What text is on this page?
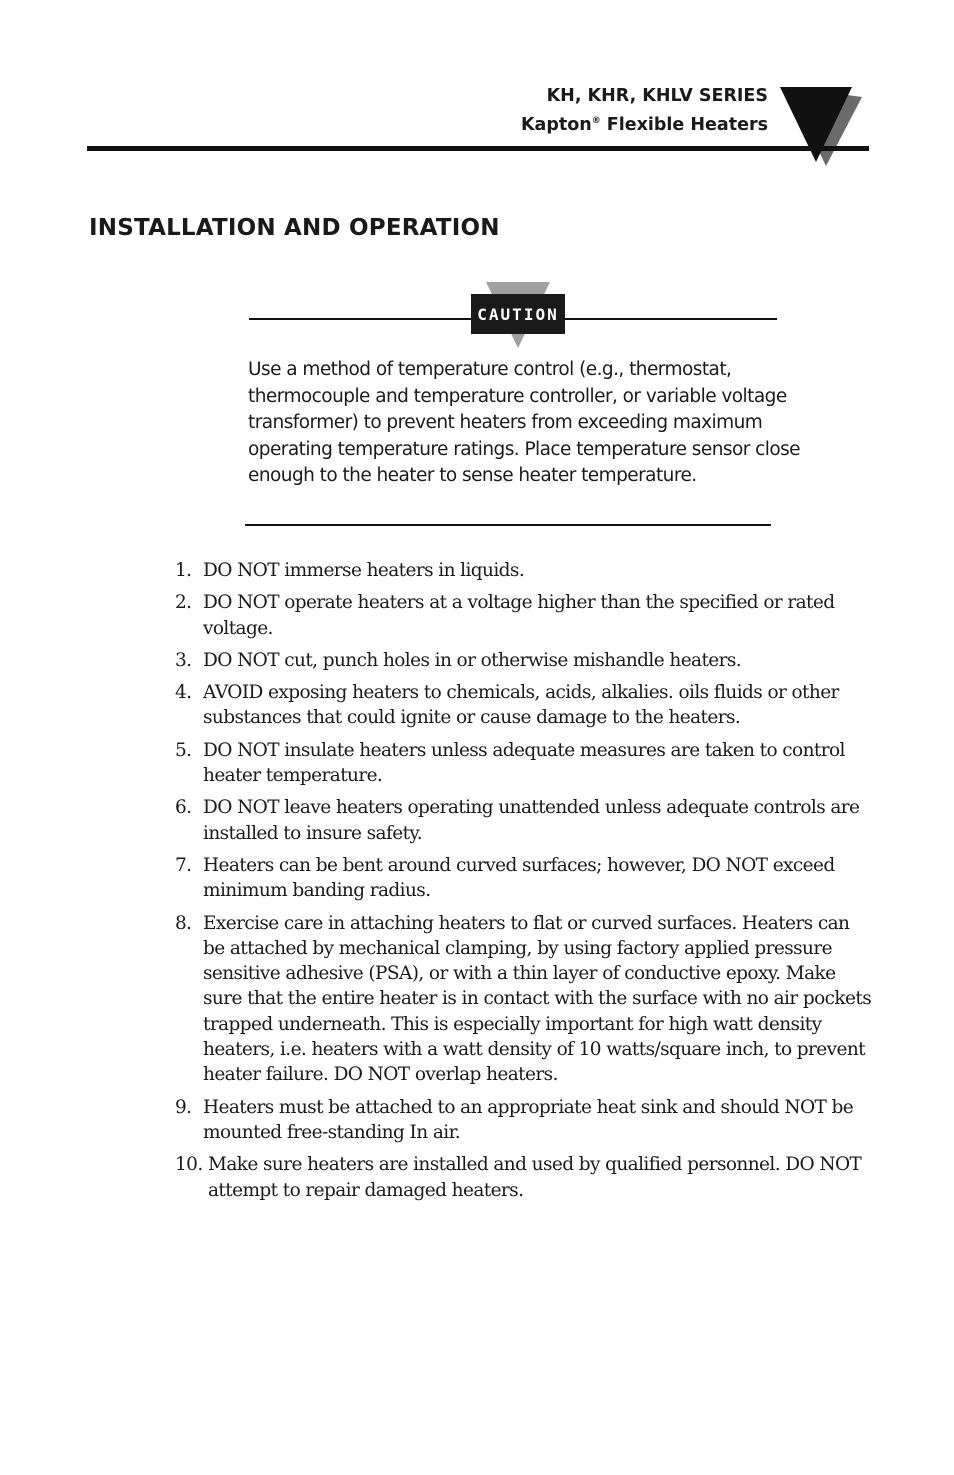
KH, KHR, KHLV SERIES
Kapton® Flexible Heaters
INSTALLATION AND OPERATION
CAUTION
Use a method of temperature control (e.g., thermostat, thermocouple and temperature controller, or variable voltage transformer) to prevent heaters from exceeding maximum operating temperature ratings. Place temperature sensor close enough to the heater to sense heater temperature.
1. DO NOT immerse heaters in liquids.
2. DO NOT operate heaters at a voltage higher than the specified or rated voltage.
3. DO NOT cut, punch holes in or otherwise mishandle heaters.
4. AVOID exposing heaters to chemicals, acids, alkalies. oils fluids or other substances that could ignite or cause damage to the heaters.
5. DO NOT insulate heaters unless adequate measures are taken to control heater temperature.
6. DO NOT leave heaters operating unattended unless adequate controls are installed to insure safety.
7. Heaters can be bent around curved surfaces; however, DO NOT exceed minimum banding radius.
8. Exercise care in attaching heaters to flat or curved surfaces. Heaters can be attached by mechanical clamping, by using factory applied pressure sensitive adhesive (PSA), or with a thin layer of conductive epoxy. Make sure that the entire heater is in contact with the surface with no air pockets trapped underneath. This is especially important for high watt density heaters, i.e. heaters with a watt density of 10 watts/square inch, to prevent heater failure. DO NOT overlap heaters.
9. Heaters must be attached to an appropriate heat sink and should NOT be mounted free-standing In air.
10. Make sure heaters are installed and used by qualified personnel. DO NOT attempt to repair damaged heaters.
